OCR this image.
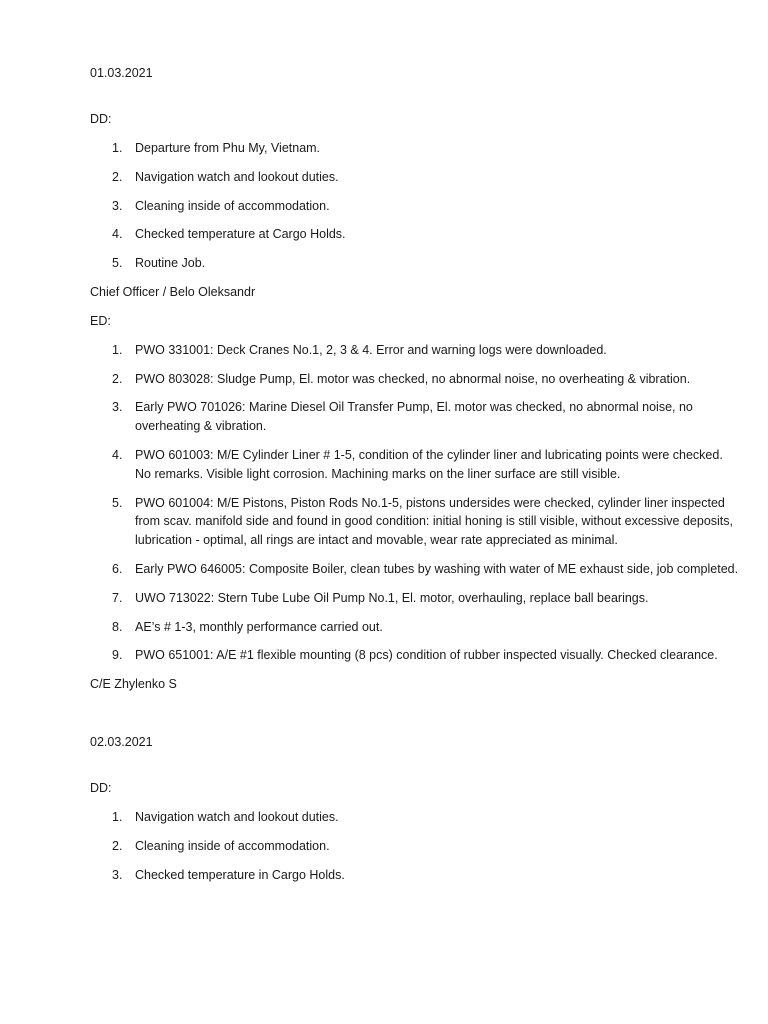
01.03.2021

DD:

1.	Departure from Phu My, Vietnam.
2.	Navigation watch and lookout duties.
3.	Cleaning inside of accommodation.
4.	Checked temperature at Cargo Holds.
5.	Routine Job.

Chief Officer / Belo Oleksandr

ED:

1.	PWO 331001: Deck Cranes No.1, 2, 3 & 4. Error and warning logs were downloaded.
2.	PWO 803028: Sludge Pump, El. motor was checked, no abnormal noise, no overheating & vibration.
3.	Early PWO 701026: Marine Diesel Oil Transfer Pump, El. motor was checked, no abnormal noise, no overheating & vibration.
4.	PWO 601003: M/E Cylinder Liner # 1-5, condition of the cylinder liner and lubricating points were checked. No remarks. Visible light corrosion. Machining marks on the liner surface are still visible.
5.	PWO 601004: M/E Pistons, Piston Rods No.1-5, pistons undersides were checked, cylinder liner inspected from scav. manifold side and found in good condition: initial honing is still visible, without excessive deposits, lubrication - optimal, all rings are intact and movable, wear rate appreciated as minimal.
6.	Early PWO 646005: Composite Boiler, clean tubes by washing with water of ME exhaust side, job completed.
7.	UWO 713022: Stern Tube Lube Oil Pump No.1, El. motor, overhauling, replace ball bearings.
8.	AE’s # 1-3, monthly performance carried out.
9.	PWO 651001: A/E #1 flexible mounting (8 pcs) condition of rubber inspected visually. Checked clearance.

C/E Zhylenko S

02.03.2021

DD:

1.	Navigation watch and lookout duties.
2.	Cleaning inside of accommodation.
3.	Checked temperature in Cargo Holds.
